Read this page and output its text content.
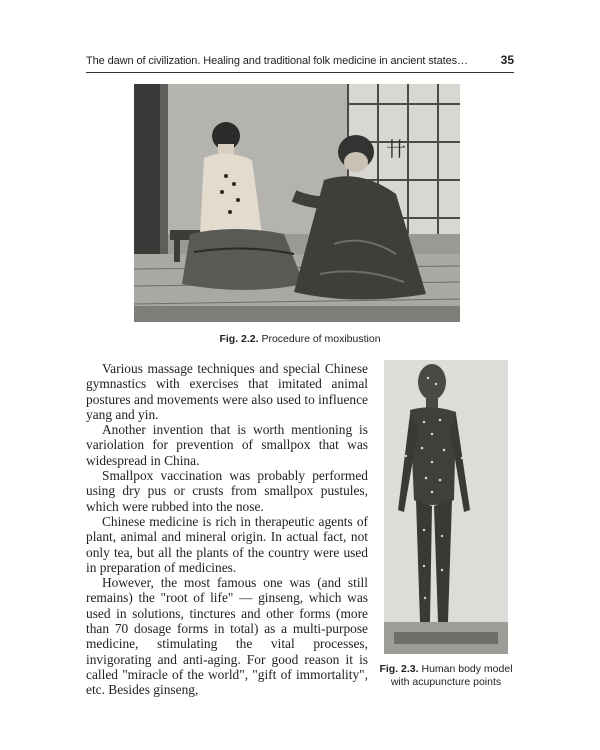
The dawn of civilization. Healing and traditional folk medicine in ancient states…	35
卄
Fig. 2.2. Procedure of moxibustion

Various massage techniques and special Chinese gymnastics with exercises that imitated animal postures and movements were also used to influence yang and yin.

Another invention that is worth mentioning is variolation for prevention of smallpox that was widespread in China.

Smallpox vaccination was probably performed using dry pus or crusts from smallpox pustules, which were rubbed into the nose.

Chinese medicine is rich in therapeutic agents of plant, animal and mineral origin. In actual fact, not only tea, but all the plants of the country were used in preparation of medicines.

However, the most famous one was (and still remains) the "root of life" — ginseng, which was used in solutions, tinctures and other forms (more than 70 dosage forms in total) as a multi-purpose medicine, stimulating the vital processes, invigorating and anti-aging. For good reason it is called "miracle of the world", "gift of immortality", etc. Besides ginseng,

Fig. 2.3. Human body model with acupuncture points
